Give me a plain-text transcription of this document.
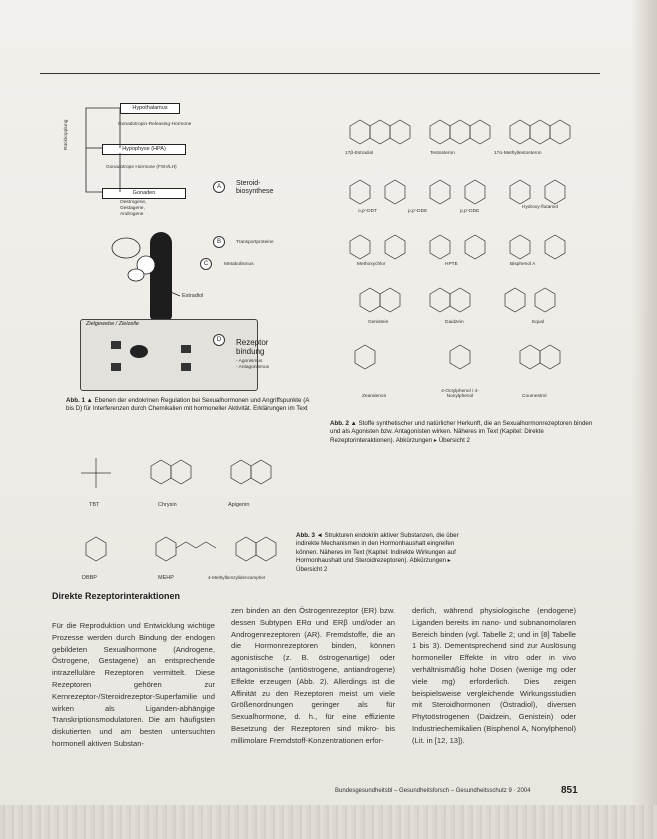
Hypothalamus
Gonadotropin-Releasing-Hormone
Hypophyse (HPA)
Gonadotrope Hormone (FSH/LH)
Gonaden
Oestrogene, Gestagene, Androgene
Rückkopplung
A	Steroid-
biosynthese
B	Transportproteine
C	Metabolismus
Estradiol
Zielgewebe / Zielzelle
D	Rezeptor
bindung
- Agonismus
- Antagonismus
Abb. 1 ▲ Ebenen der endokrinen Regulation bei Sexualhormonen und Angriffspunkte (A bis D) für Interferenzen durch Chemikalien mit hormoneller Aktivität. Erklärungen im Text
17β-Estradiol	Testosteron	17α-Methyltestosteron
o,p'-DDT	p,p'-DDE	p,p'-DDE
Hydroxy-flutamid
Methoxychlor	HPTE	Bisphenol A
Genistein	Daidzein	Equol
Zearalenon
4-Octylphenol / 4-Nonylphenol	Coumestrol
Abb. 2 ▲ Stoffe synthetischer und natürlicher Herkunft, die an Sexualhormonrezeptoren binden und als Agonisten bzw. Antagonisten wirken. Näheres im Text (Kapitel: Direkte Rezeptorinteraktionen). Abkürzungen ▸ Übersicht 2
TBT	Chrysin	Apigenin
DBBP	MEHP	4-Methylbenzylidencampher
Abb. 3 ◄ Strukturen endokrin aktiver Substanzen, die über indirekte Mechanismen in den Hormonhaushalt eingreifen können. Näheres im Text (Kapitel: Indirekte Wirkungen auf Hormonhaushalt und Steroidrezeptoren). Abkürzungen ▸ Übersicht 2
Direkte Rezeptorinteraktionen
Für die Reproduktion und Entwicklung wichtige Prozesse werden durch Bindung der endogen gebildeten Sexualhormone (Androgene, Östrogene, Gestagene) an entsprechende intrazelluläre Rezeptoren vermittelt. Diese Rezeptoren gehören zur Kernrezeptor-/Steroidrezeptor-Superfamilie und wirken als Liganden-abhängige Transkriptionsmodulatoren. Die am häufigsten diskutierten und am besten untersuchten hormonell aktiven Substan-
zen binden an den Östrogenrezeptor (ER) bzw. dessen Subtypen ERα und ERβ und/oder an Androgenrezeptoren (AR). Fremdstoffe, die an die Hormonrezeptoren binden, können agonistische (z. B. östrogenartige) oder antagonistische (antiöstrogene, antiandrogene) Effekte erzeugen (Abb. 2). Allerdings ist die Affinität zu den Rezeptoren meist um viele Größenordnungen geringer als für Sexualhormone, d. h., für eine effiziente Besetzung der Rezeptoren sind mikro- bis millimolare Fremdstoff-Konzentrationen erfor-
derlich, während physiologische (endogene) Liganden bereits im nano- und subnanomolaren Bereich binden (vgl. Tabelle 2; und in [8] Tabelle 1 bis 3). Dementsprechend sind zur Auslösung hormoneller Effekte in vitro oder in vivo verhältnismäßig hohe Dosen (wenige mg oder viele mg) erforderlich. Dies zeigen beispielsweise vergleichende Wirkungsstudien mit Steroidhormonen (Östradiol), diversen Phytoöstrogenen (Daidzein, Genistein) oder Industriechemikalien (Bisphenol A, Nonylphenol) (Lit. in [12, 13]).
Bundesgesundheitsbl – Gesundheitsforsch – Gesundheitsschutz 9 · 2004	851
